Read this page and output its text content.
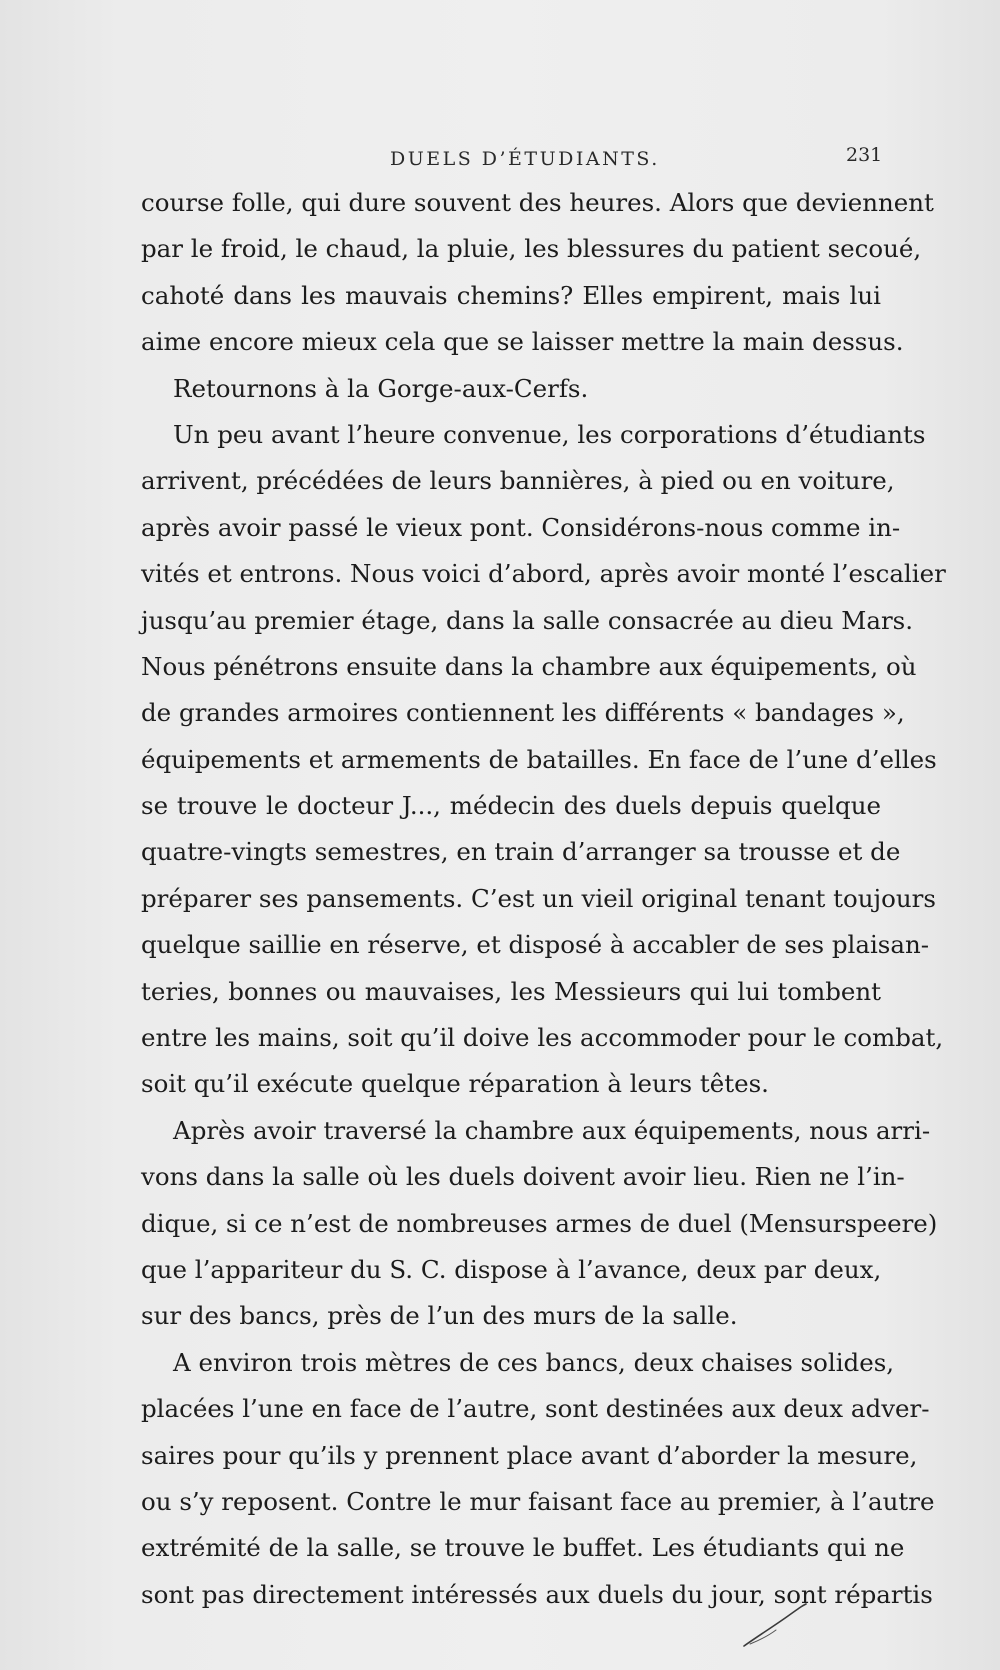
DUELS D’ÉTUDIANTS.	231
course folle, qui dure souvent des heures. Alors que deviennent
par le froid, le chaud, la pluie, les blessures du patient secoué,
cahoté dans les mauvais chemins? Elles empirent, mais lui
aime encore mieux cela que se laisser mettre la main dessus.
Retournons à la Gorge-aux-Cerfs.
Un peu avant l’heure convenue, les corporations d’étudiants
arrivent, précédées de leurs bannières, à pied ou en voiture,
après avoir passé le vieux pont. Considérons-nous comme in-
vités et entrons. Nous voici d’abord, après avoir monté l’escalier
jusqu’au premier étage, dans la salle consacrée au dieu Mars.
Nous pénétrons ensuite dans la chambre aux équipements, où
de grandes armoires contiennent les différents « bandages »,
équipements et armements de batailles. En face de l’une d’elles
se trouve le docteur J..., médecin des duels depuis quelque
quatre-vingts semestres, en train d’arranger sa trousse et de
préparer ses pansements. C’est un vieil original tenant toujours
quelque saillie en réserve, et disposé à accabler de ses plaisan-
teries, bonnes ou mauvaises, les Messieurs qui lui tombent
entre les mains, soit qu’il doive les accommoder pour le combat,
soit qu’il exécute quelque réparation à leurs têtes.
Après avoir traversé la chambre aux équipements, nous arri-
vons dans la salle où les duels doivent avoir lieu. Rien ne l’in-
dique, si ce n’est de nombreuses armes de duel (Mensurspeere)
que l’appariteur du S. C. dispose à l’avance, deux par deux,
sur des bancs, près de l’un des murs de la salle.
A environ trois mètres de ces bancs, deux chaises solides,
placées l’une en face de l’autre, sont destinées aux deux adver-
saires pour qu’ils y prennent place avant d’aborder la mesure,
ou s’y reposent. Contre le mur faisant face au premier, à l’autre
extrémité de la salle, se trouve le buffet. Les étudiants qui ne
sont pas directement intéressés aux duels du jour, sont répartis
